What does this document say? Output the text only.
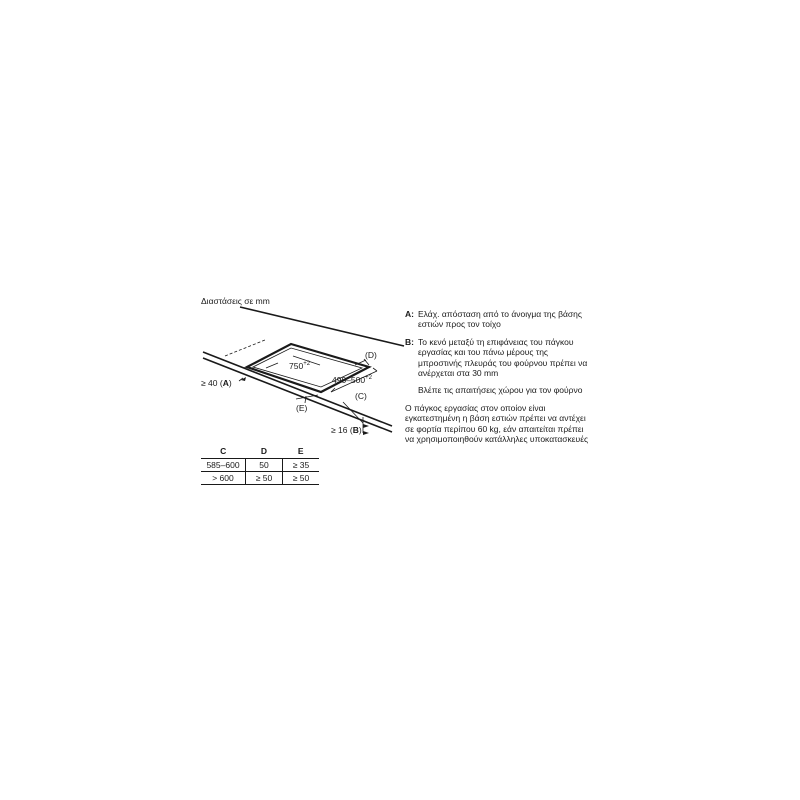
Διαστάσεις σε mm
$750^{+2}$
$490-500^{+2}$
≥ 40 (A)
≥ 16 (B)
(C)
(D)
(E)
C	D	E
585–600	50	≥ 35
> 600	≥ 50	≥ 50
A: Ελάχ. απόσταση από το άνοιγμα της βάσης εστιών προς τον τοίχο
B: Το κενό μεταξύ τη επιφάνειας του πάγκου εργασίας και του πάνω μέρους της μπροστινής πλευράς του φούρνου πρέπει να ανέρχεται στα 30 mm
Βλέπε τις απαιτήσεις χώρου για τον φούρνο
Ο πάγκος εργασίας στον οποίον είναι εγκατεστημένη η βάση εστιών πρέπει να αντέχει σε φορτία περίπου 60 kg, εάν απαιτείται πρέπει να χρησιμοποιηθούν κατάλληλες υποκατασκευές
